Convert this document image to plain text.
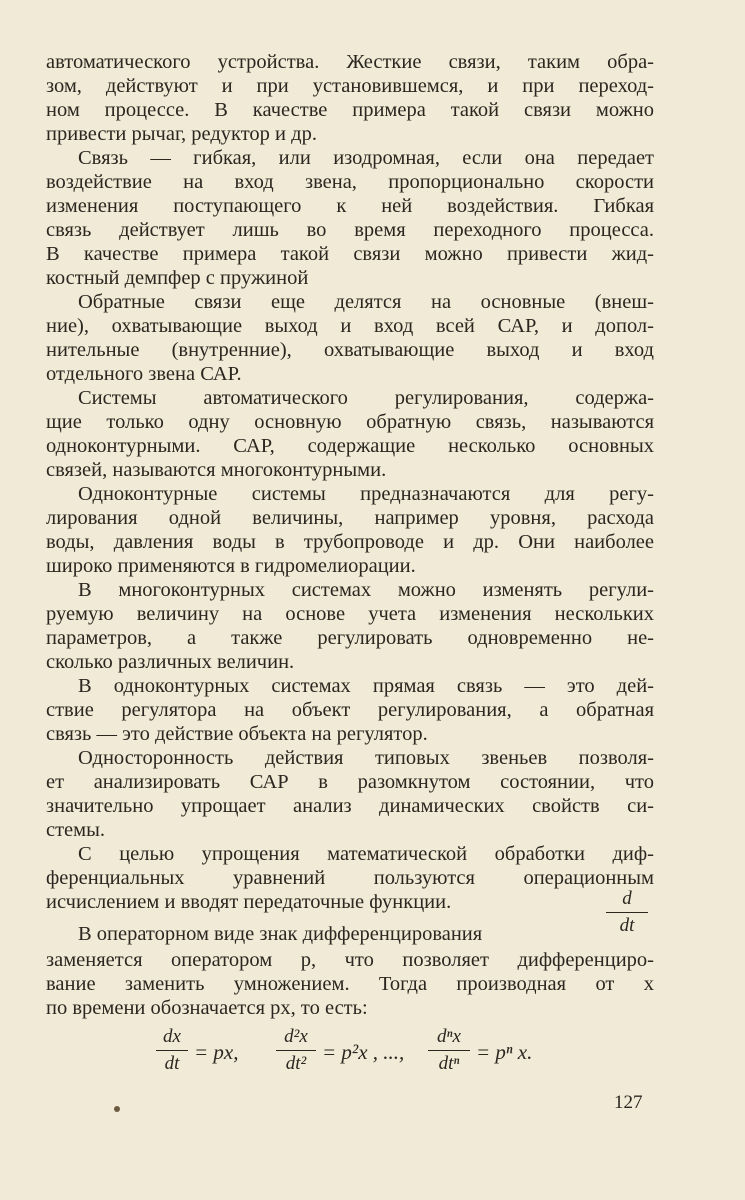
автоматического устройства. Жесткие связи, таким обра-
зом, действуют и при установившемся, и при переход-
ном процессе. В качестве примера такой связи можно
привести рычаг, редуктор и др.
Связь — гибкая, или изодромная, если она передает
воздействие на вход звена, пропорционально скорости
изменения поступающего к ней воздействия. Гибкая
связь действует лишь во время переходного процесса.
В качестве примера такой связи можно привести жид-
костный демпфер с пружиной
Обратные связи еще делятся на основные (внеш-
ние), охватывающие выход и вход всей САР, и допол-
нительные (внутренние), охватывающие выход и вход
отдельного звена САР.
Системы автоматического регулирования, содержа-
щие только одну основную обратную связь, называются
одноконтурными. САР, содержащие несколько основных
связей, называются многоконтурными.
Одноконтурные системы предназначаются для регу-
лирования одной величины, например уровня, расхода
воды, давления воды в трубопроводе и др. Они наиболее
широко применяются в гидромелиорации.
В многоконтурных системах можно изменять регули-
руемую величину на основе учета изменения нескольких
параметров, а также регулировать одновременно не-
сколько различных величин.
В одноконтурных системах прямая связь — это дей-
ствие регулятора на объект регулирования, а обратная
связь — это действие объекта на регулятор.
Односторонность действия типовых звеньев позволя-
ет анализировать САР в разомкнутом состоянии, что
значительно упрощает анализ динамических свойств си-
стемы.
С целью упрощения математической обработки диф-
ференциальных уравнений пользуются операционным
исчислением и вводят передаточные функции.
В операторном виде знак дифференцирования
d
dt
заменяется оператором p, что позволяет дифференциро-
вание заменить умножением. Тогда производная от x
по времени обозначается px, то есть:
dx
dt = px,
d²x
dt² = p²x , ...,
dⁿx
dtⁿ = pⁿ x.
127
